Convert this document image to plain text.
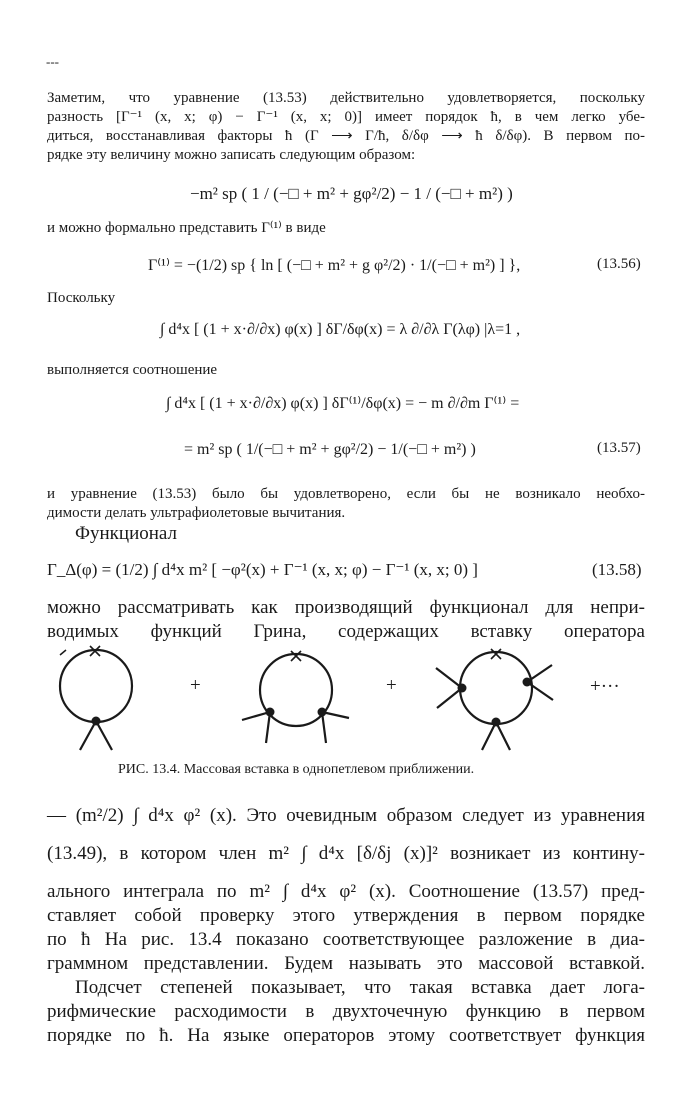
---
Заметим, что уравнение (13.53) действительно удовлетворяется, поскольку
разность [Γ⁻¹ (x, x; φ) − Γ⁻¹ (x, x; 0)] имеет порядок ħ, в чем легко убе-
диться, восстанавливая факторы ħ (Γ ⟶ Γ/ħ, δ/δφ ⟶ ħ δ/δφ). В первом по-
рядке эту величину можно записать следующим образом:
−m² sp ( 1 / (−□ + m² + gφ²/2) − 1 / (−□ + m²) )
и можно формально представить Γ⁽¹⁾ в виде
Γ⁽¹⁾ = −(1/2) sp { ln [ (−□ + m² + g φ²/2) · 1/(−□ + m²) ] },	(13.56)
Поскольку
∫ d⁴x [ (1 + x·∂/∂x) φ(x) ] δΓ/δφ(x) = λ ∂/∂λ Γ(λφ) |λ=1 ,
выполняется соотношение
∫ d⁴x [ (1 + x·∂/∂x) φ(x) ] δΓ⁽¹⁾/δφ(x) = − m ∂/∂m Γ⁽¹⁾ =
= m² sp ( 1/(−□ + m² + gφ²/2) − 1/(−□ + m²) )	(13.57)
и уравнение (13.53) было бы удовлетворено, если бы не возникало необхо-
димости делать ультрафиолетовые вычитания.
Функционал
Γ_Δ(φ) = (1/2) ∫ d⁴x m² [ −φ²(x) + Γ⁻¹ (x, x; φ) − Γ⁻¹ (x, x; 0) ]	(13.58)
можно рассматривать как производящий функционал для непри-
водимых функций Грина, содержащих вставку оператора
+	+	+···
РИС. 13.4. Массовая вставка в однопетлевом приближении.
— (m²/2) ∫ d⁴x φ² (x). Это очевидным образом следует из уравнения
(13.49), в котором член m² ∫ d⁴x [δ/δj (x)]² возникает из контину-
ального интеграла по m² ∫ d⁴x φ² (x). Соотношение (13.57) пред-
ставляет собой проверку этого утверждения в первом порядке
по ħ На рис. 13.4 показано соответствующее разложение в диа-
граммном представлении. Будем называть это массовой вставкой.
Подсчет степеней показывает, что такая вставка дает лога-
рифмические расходимости в двухточечную функцию в первом
порядке по ħ. На языке операторов этому соответствует функция
